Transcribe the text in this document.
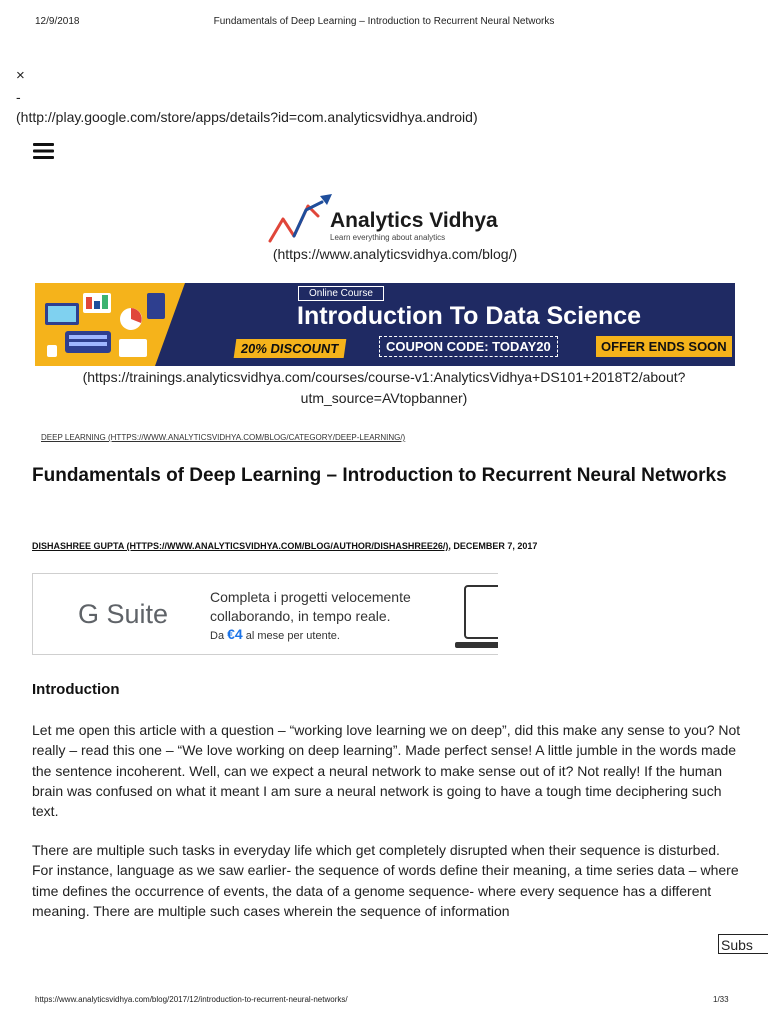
12/9/2018	Fundamentals of Deep Learning – Introduction to Recurrent Neural Networks
×
-
(http://play.google.com/store/apps/details?id=com.analyticsvidhya.android)
Analytics Vidhya
Learn everything about analytics
(https://www.analyticsvidhya.com/blog/)
Online Course
Introduction To Data Science
20% DISCOUNT	COUPON CODE: TODAY20	OFFER ENDS SOON
(https://trainings.analyticsvidhya.com/courses/course-v1:AnalyticsVidhya+DS101+2018T2/about?utm_source=AVtopbanner)
DEEP LEARNING (HTTPS://WWW.ANALYTICSVIDHYA.COM/BLOG/CATEGORY/DEEP-LEARNING/)
Fundamentals of Deep Learning – Introduction to Recurrent Neural Networks
DISHASHREE GUPTA (HTTPS://WWW.ANALYTICSVIDHYA.COM/BLOG/AUTHOR/DISHASHREE26/), DECEMBER 7, 2017
G Suite
Completa i progetti velocemente
collaborando, in tempo reale.
Da €4 al mese per utente.
Introduction

Let me open this article with a question – “working love learning we on deep”, did this make any sense to you? Not really – read this one – “We love working on deep learning”. Made perfect sense! A little jumble in the words made the sentence incoherent. Well, can we expect a neural network to make sense out of it? Not really! If the human brain was confused on what it meant I am sure a neural network is going to have a tough time deciphering such text.

There are multiple such tasks in everyday life which get completely disrupted when their sequence is disturbed. For instance, language as we saw earlier- the sequence of words define their meaning, a time series data – where time defines the occurrence of events, the data of a genome sequence- where every sequence has a different meaning. There are multiple such cases wherein the sequence of information

Subs
https://www.analyticsvidhya.com/blog/2017/12/introduction-to-recurrent-neural-networks/	1/33
